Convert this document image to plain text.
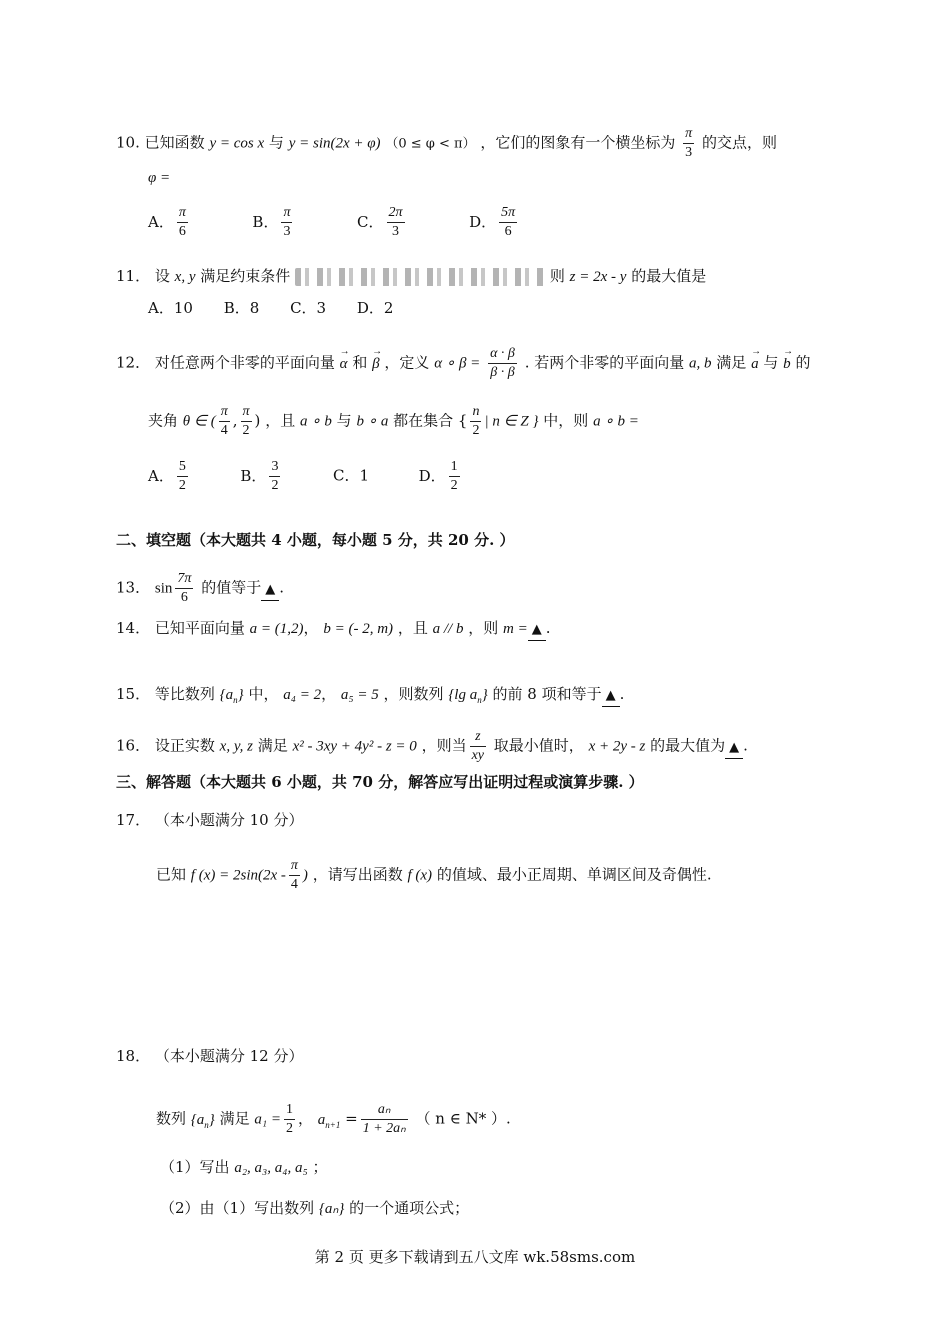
10. 已知函数 y = cos x 与 y = sin(2x + φ) （0 ≤ φ < π） ，它们的图象有一个横坐标为 $\frac{\pi}{3}$ 的交点，则
φ =
A． $\frac{\pi}{6}$	B． $\frac{\pi}{3}$	C． $\frac{2\pi}{3}$	D． $\frac{5\pi}{6}$
11． 设 x, y 满足约束条件	则 z = 2x - y 的最大值是
A．10 B．8 C．3 D．2
12． 对任意两个非零的平面向量 → α 和 → β ，定义 α ∘ $\beta = \frac{\alpha \cdot \beta}{\beta \cdot \beta}$ . 若两个非零的平面向量 a, b 满足 → a 与 → b 的
夹角 θ ∈ ( $\frac{\pi}{4}$ , $\frac{\pi}{2}$ ) ，且 a ∘ b 与 b ∘ a 都在集合 { $\frac{n}{2}$ | n ∈ Z } 中，则 a ∘ b =
A． $\frac{5}{2}$	B． $\frac{3}{2}$	C．1	D． $\frac{1}{2}$
二、填空题（本大题共 4 小题，每小题 5 分，共 20 分. ）
13． $\sin \frac{7\pi}{6}$ 的值等于 ▲ .
14． 已知平面向量 a = (1,2)， b = (- 2, m) ，且 a // b ，则 m = ▲ .
15． 等比数列 $\{a_n\}$ 中， a₄ = 2， a₅ = 5 ，则数列 {lg $a_n$} 的前 8 项和等于 ▲ .
16． 设正实数 x, y, z 满足 x² - 3xy + 4y² - z = 0 ，则当 $\frac{z}{xy}$ 取最小值时， x + 2y - z 的最大值为 ▲ .
三、解答题（本大题共 6 小题，共 70 分，解答应写出证明过程或演算步骤. ）
17． （本小题满分 10 分）
已知 f $(x) = 2\sin(2x - \frac{\pi}{4}$ ) ，请写出函数 f (x) 的值域、最小正周期、单调区间及奇偶性.
18． （本小题满分 12 分）
数列 $\{a_n\}$ 满足 $a_1 = \frac{1}{2}$ ， $a_{n+1} = \frac{\text{aₙ}}{\text{1 + 2aₙ}}$ （ n ∈ N* ）.
（1）写出 a₂, a₃, a₄, a₅ ；
（2）由（1）写出数列 {aₙ} 的一个通项公式；
第 2 页 更多下载请到五八文库 wk.58sms.com
